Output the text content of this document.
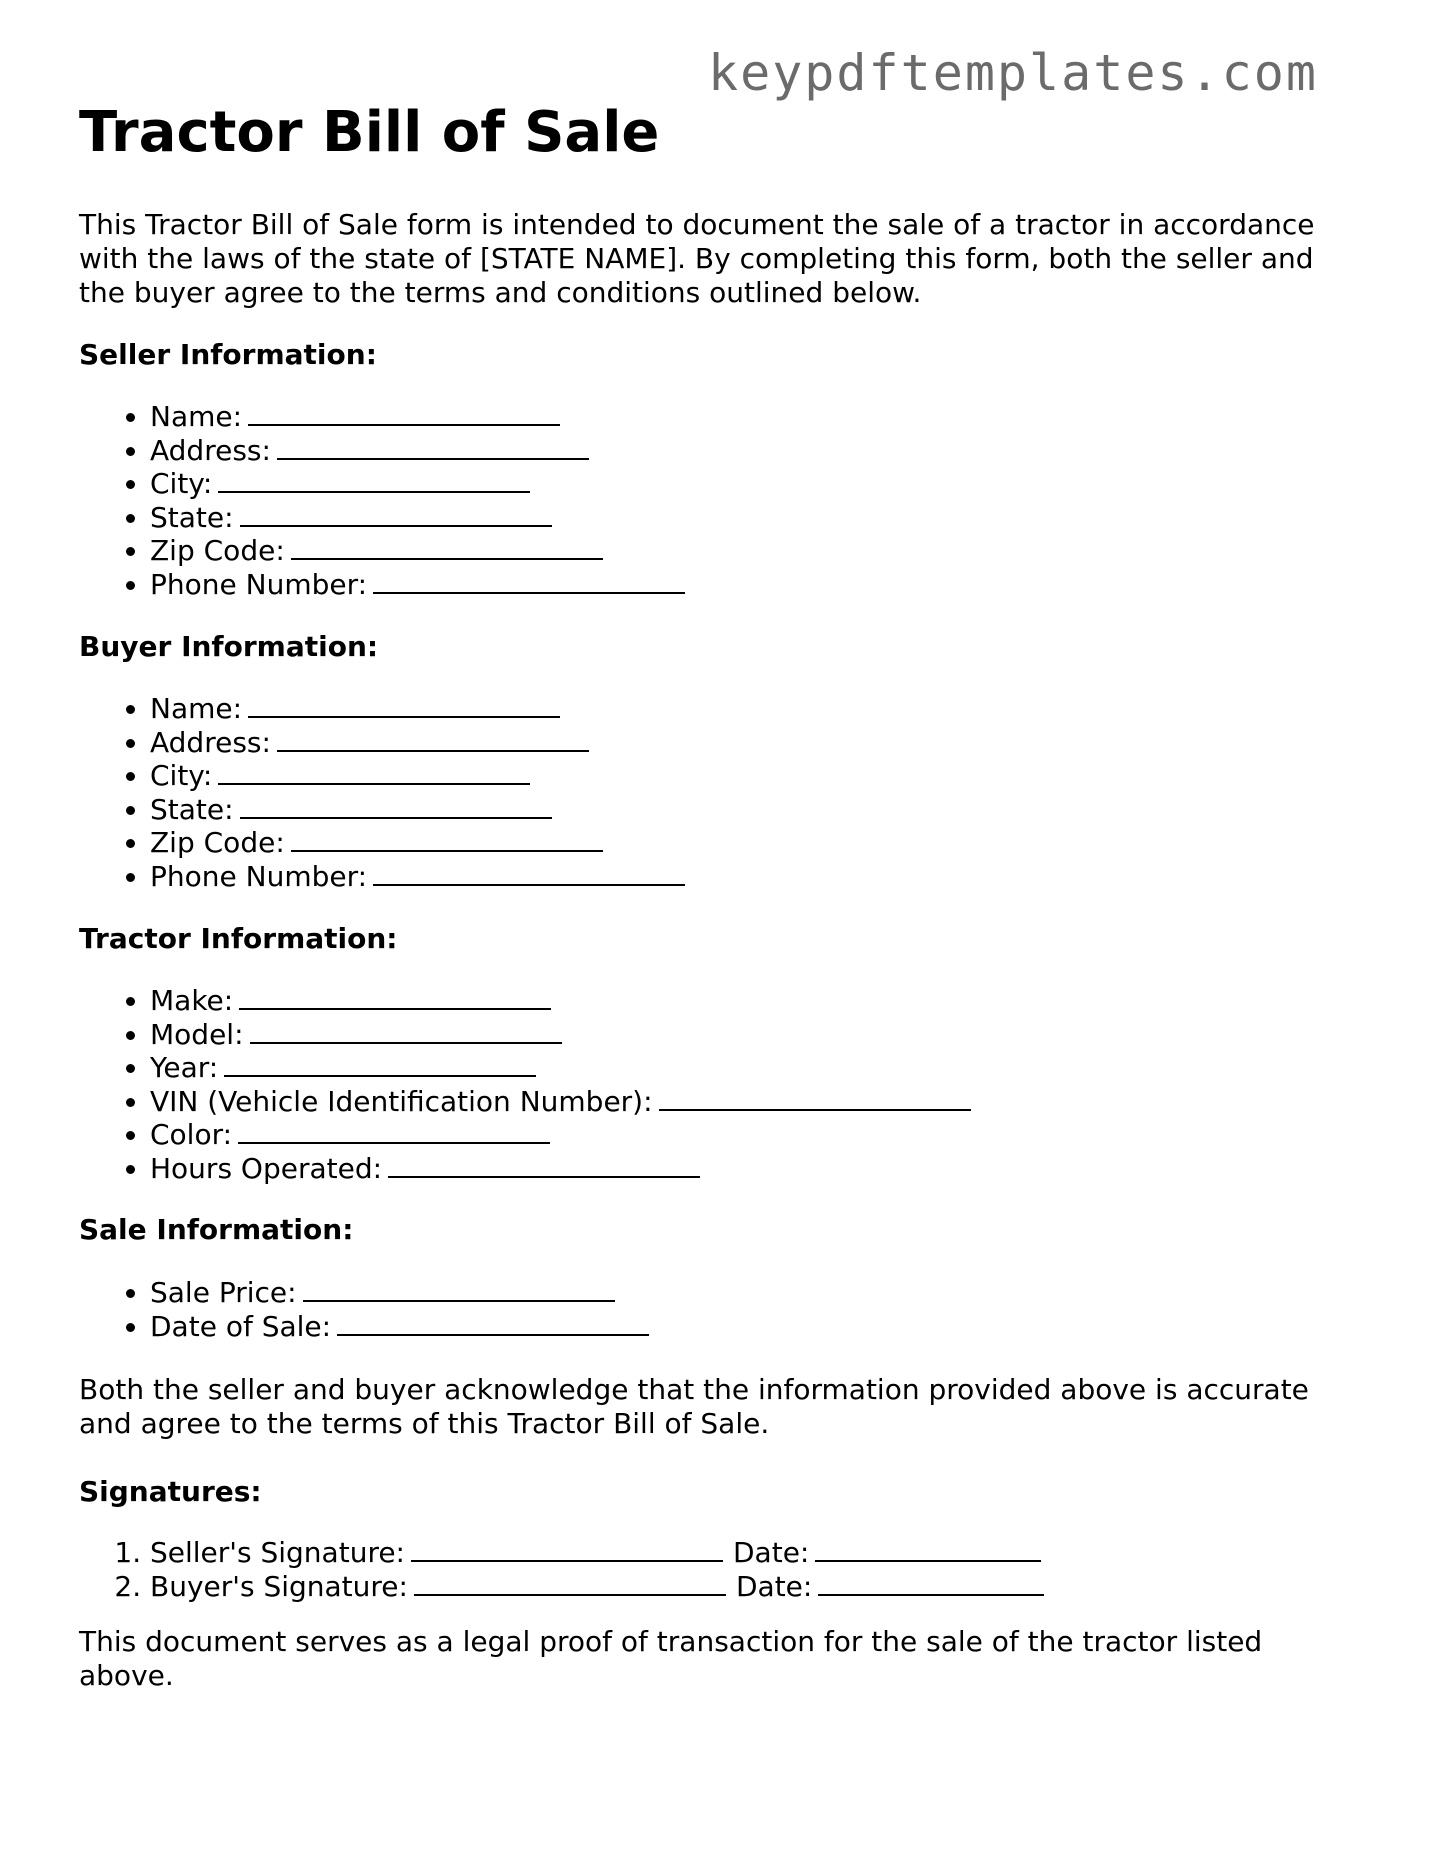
keypdftemplates.com
Tractor Bill of Sale

This Tractor Bill of Sale form is intended to document the sale of a tractor in accordance with the laws of the state of [STATE NAME]. By completing this form, both the seller and the buyer agree to the terms and conditions outlined below.

Seller Information:

• Name:
• Address:
• City:
• State:
• Zip Code:
• Phone Number:

Buyer Information:

• Name:
• Address:
• City:
• State:
• Zip Code:
• Phone Number:

Tractor Information:

• Make:
• Model:
• Year:
• VIN (Vehicle Identification Number):
• Color:
• Hours Operated:

Sale Information:

• Sale Price:
• Date of Sale:

Both the seller and buyer acknowledge that the information provided above is accurate and agree to the terms of this Tractor Bill of Sale.

Signatures:

1. Seller's Signature:	Date:
2. Buyer's Signature:	Date:

This document serves as a legal proof of transaction for the sale of the tractor listed above.
